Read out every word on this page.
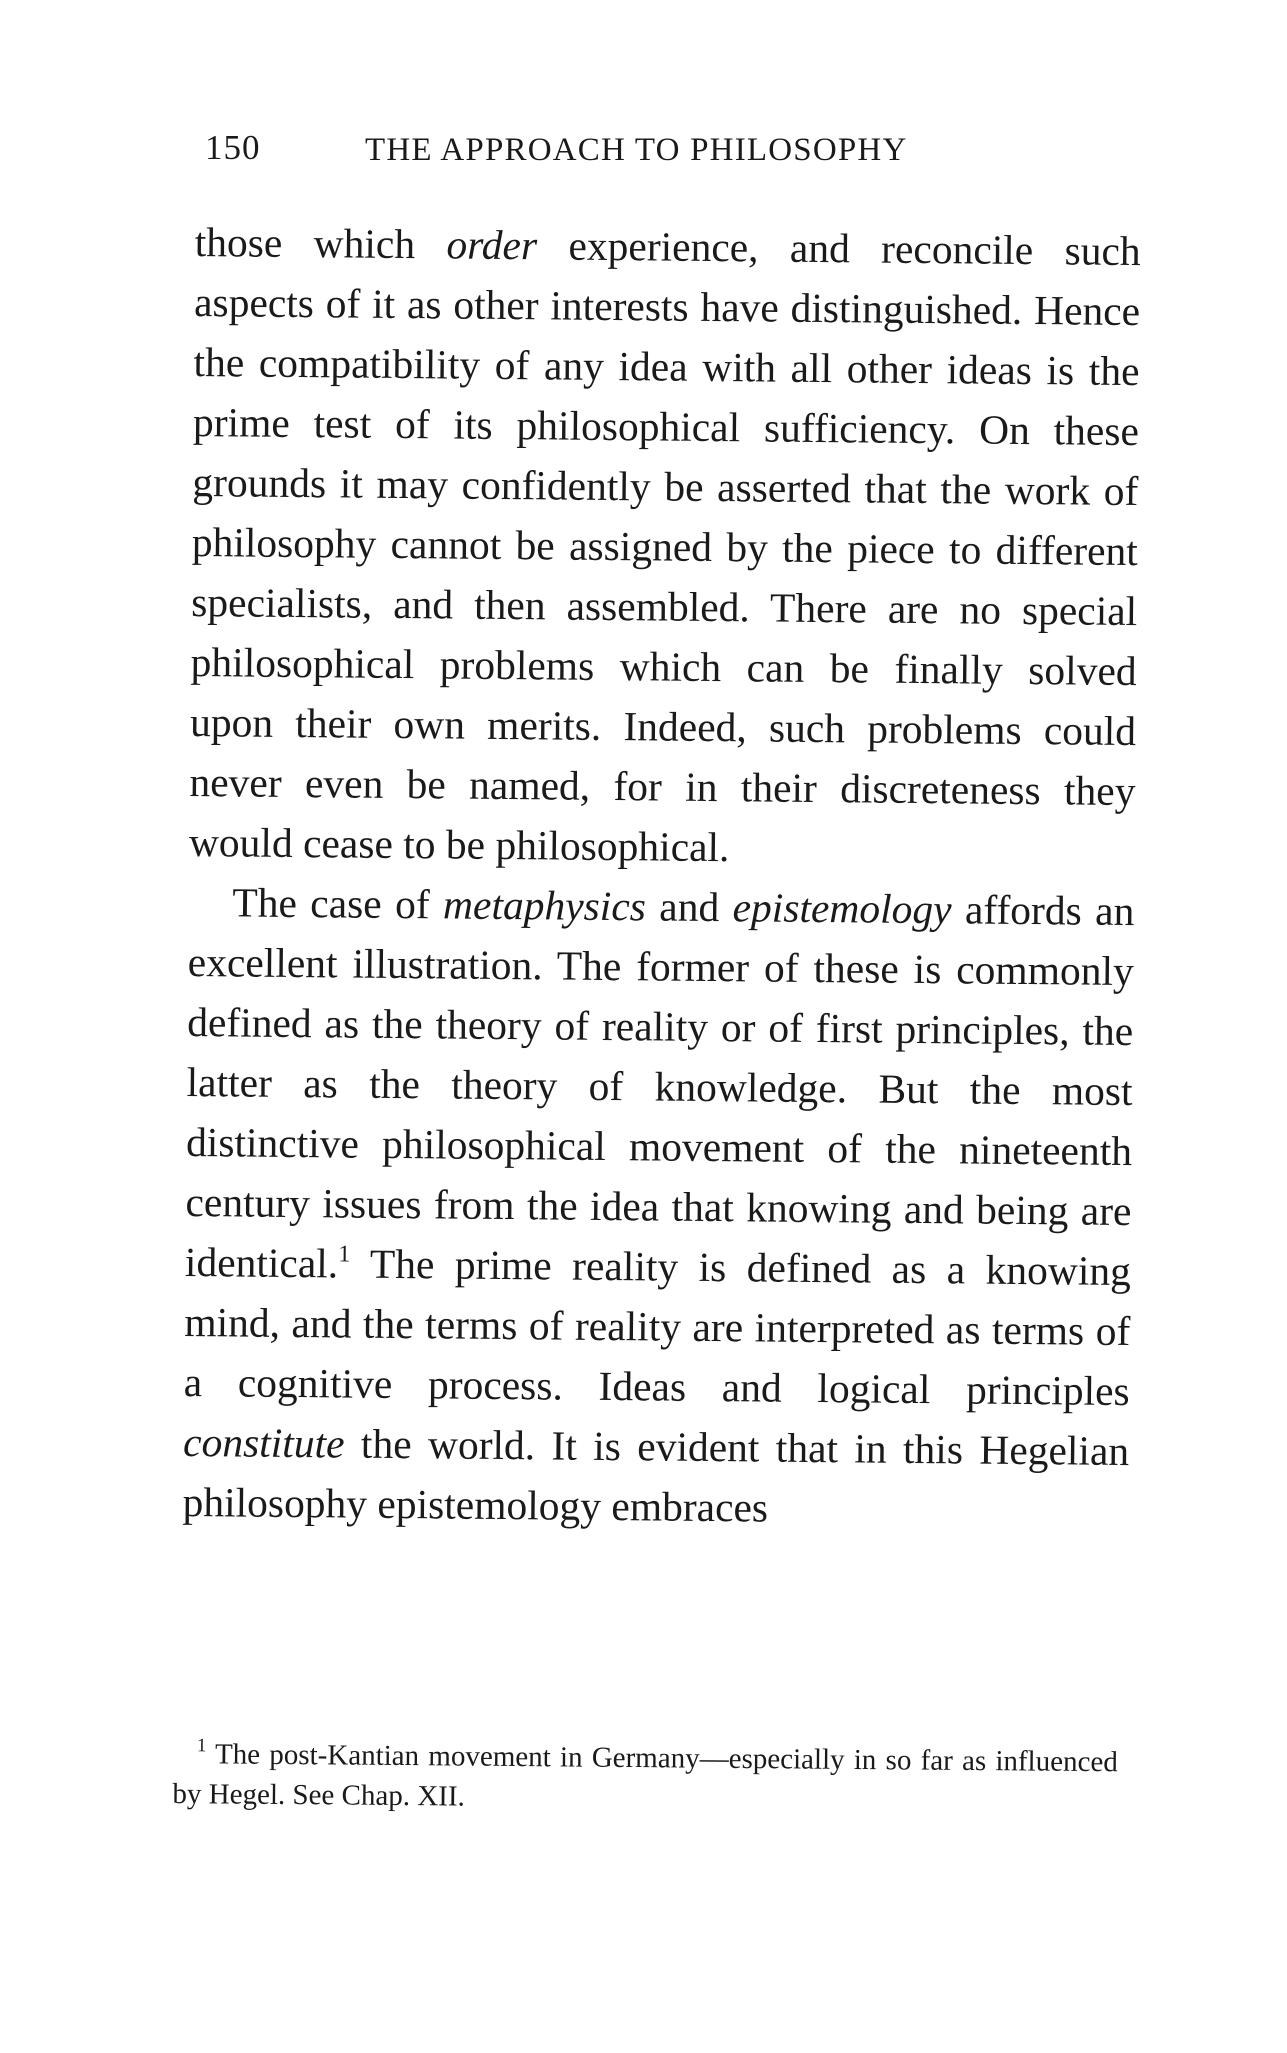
150	THE APPROACH TO PHILOSOPHY

those which order experience, and reconcile such aspects of it as other interests have distinguished. Hence the compatibility of any idea with all other ideas is the prime test of its philosophical sufficiency. On these grounds it may confidently be asserted that the work of philosophy cannot be assigned by the piece to different specialists, and then assembled. There are no special philosophical problems which can be finally solved upon their own merits. Indeed, such problems could never even be named, for in their discreteness they would cease to be philosophical.

The case of metaphysics and epistemology affords an excellent illustration. The former of these is commonly defined as the theory of reality or of first principles, the latter as the theory of knowledge. But the most distinctive philosophical movement of the nineteenth century issues from the idea that knowing and being are identical.$^1$ The prime reality is defined as a knowing mind, and the terms of reality are interpreted as terms of a cognitive process. Ideas and logical principles constitute the world. It is evident that in this Hegelian philosophy epistemology embraces

$^1$ The post-Kantian movement in Germany—especially in so far as influenced by Hegel. See Chap. XII.
